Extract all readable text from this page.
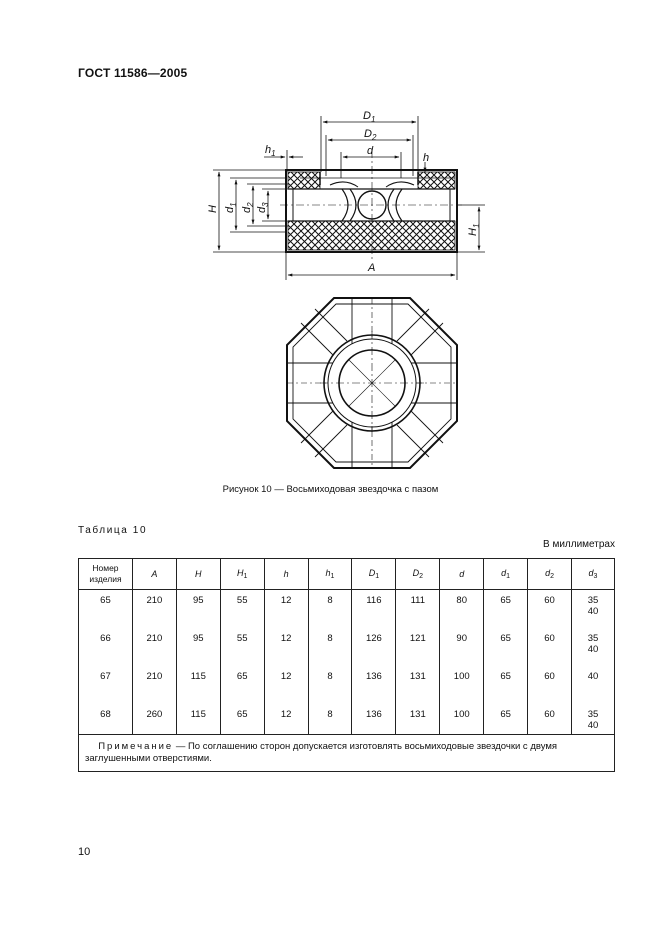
ГОСТ 11586—2005
$D_1$
$D_2$
d
$h_1$	h
H $d_1$
$d_2$
$d_3$
$H_1$
A
Рисунок 10 — Восьмиходовая звездочка с пазом
Таблица 10
В миллиметрах
Номер
изделия	A	H	$H_1$	h	$h_1$	$D_1$	$D_2$	d	$d_1$	$d_2$	$d_3$
65	210	95	55	12	8	116	111	80	65	60	35
40
66	210	95	55	12	8	126	121	90	65	60	35
40
67	210	115	65	12	8	136	131	100	65	60	40
68	260	115	65	12	8	136	131	100	65	60	35
40
Примечание — По соглашению сторон допускается изготовлять восьмиходовые звездочки с двумя заглушенными отверстиями.											
10
